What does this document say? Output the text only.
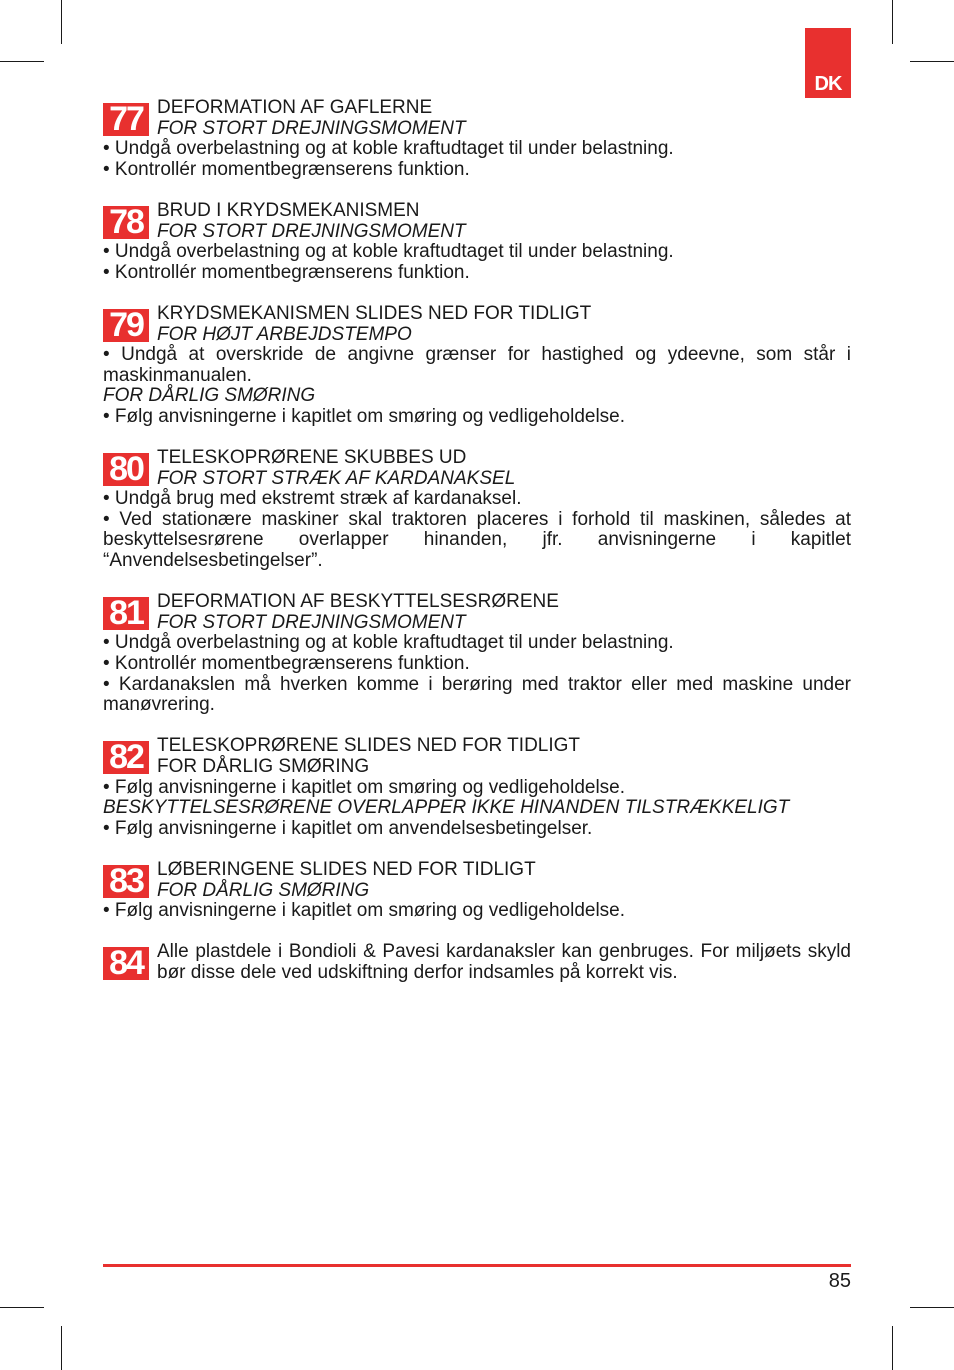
DK
77 DEFORMATION AF GAFLERNE
FOR STORT DREJNINGSMOMENT
• Undgå overbelastning og at koble kraftudtaget til under belastning.
• Kontrollér momentbegrænserens funktion.
78 BRUD I KRYDSMEKANISMEN
FOR STORT DREJNINGSMOMENT
• Undgå overbelastning og at koble kraftudtaget til under belastning.
• Kontrollér momentbegrænserens funktion.
79 KRYDSMEKANISMEN SLIDES NED FOR TIDLIGT
FOR HØJT ARBEJDSTEMPO
• Undgå at overskride de angivne grænser for hastighed og ydeevne, som står i maskinmanualen.
FOR DÅRLIG SMØRING
• Følg anvisningerne i kapitlet om smøring og vedligeholdelse.
80 TELESKOPRØRENE SKUBBES UD
FOR STORT STRÆK AF KARDANAKSEL
• Undgå brug med ekstremt stræk af kardanaksel.
• Ved stationære maskiner skal traktoren placeres i forhold til maskinen, således at beskyttelsesrørene overlapper hinanden, jfr. anvisningerne i kapitlet “Anvendelsesbetingelser”.
81 DEFORMATION AF BESKYTTELSESRØRENE
FOR STORT DREJNINGSMOMENT
• Undgå overbelastning og at koble kraftudtaget til under belastning.
• Kontrollér momentbegrænserens funktion.
• Kardanakslen må hverken komme i berøring med traktor eller med maskine under manøvrering.
82 TELESKOPRØRENE SLIDES NED FOR TIDLIGT
FOR DÅRLIG SMØRING
• Følg anvisningerne i kapitlet om smøring og vedligeholdelse.
BESKYTTELSESRØRENE OVERLAPPER IKKE HINANDEN TILSTRÆKKELIGT
• Følg anvisningerne i kapitlet om anvendelsesbetingelser.
83 LØBERINGENE SLIDES NED FOR TIDLIGT
FOR DÅRLIG SMØRING
• Følg anvisningerne i kapitlet om smøring og vedligeholdelse.
84 Alle plastdele i Bondioli & Pavesi kardanaksler kan genbruges. For miljøets skyld bør disse dele ved udskiftning derfor indsamles på korrekt vis.
85
